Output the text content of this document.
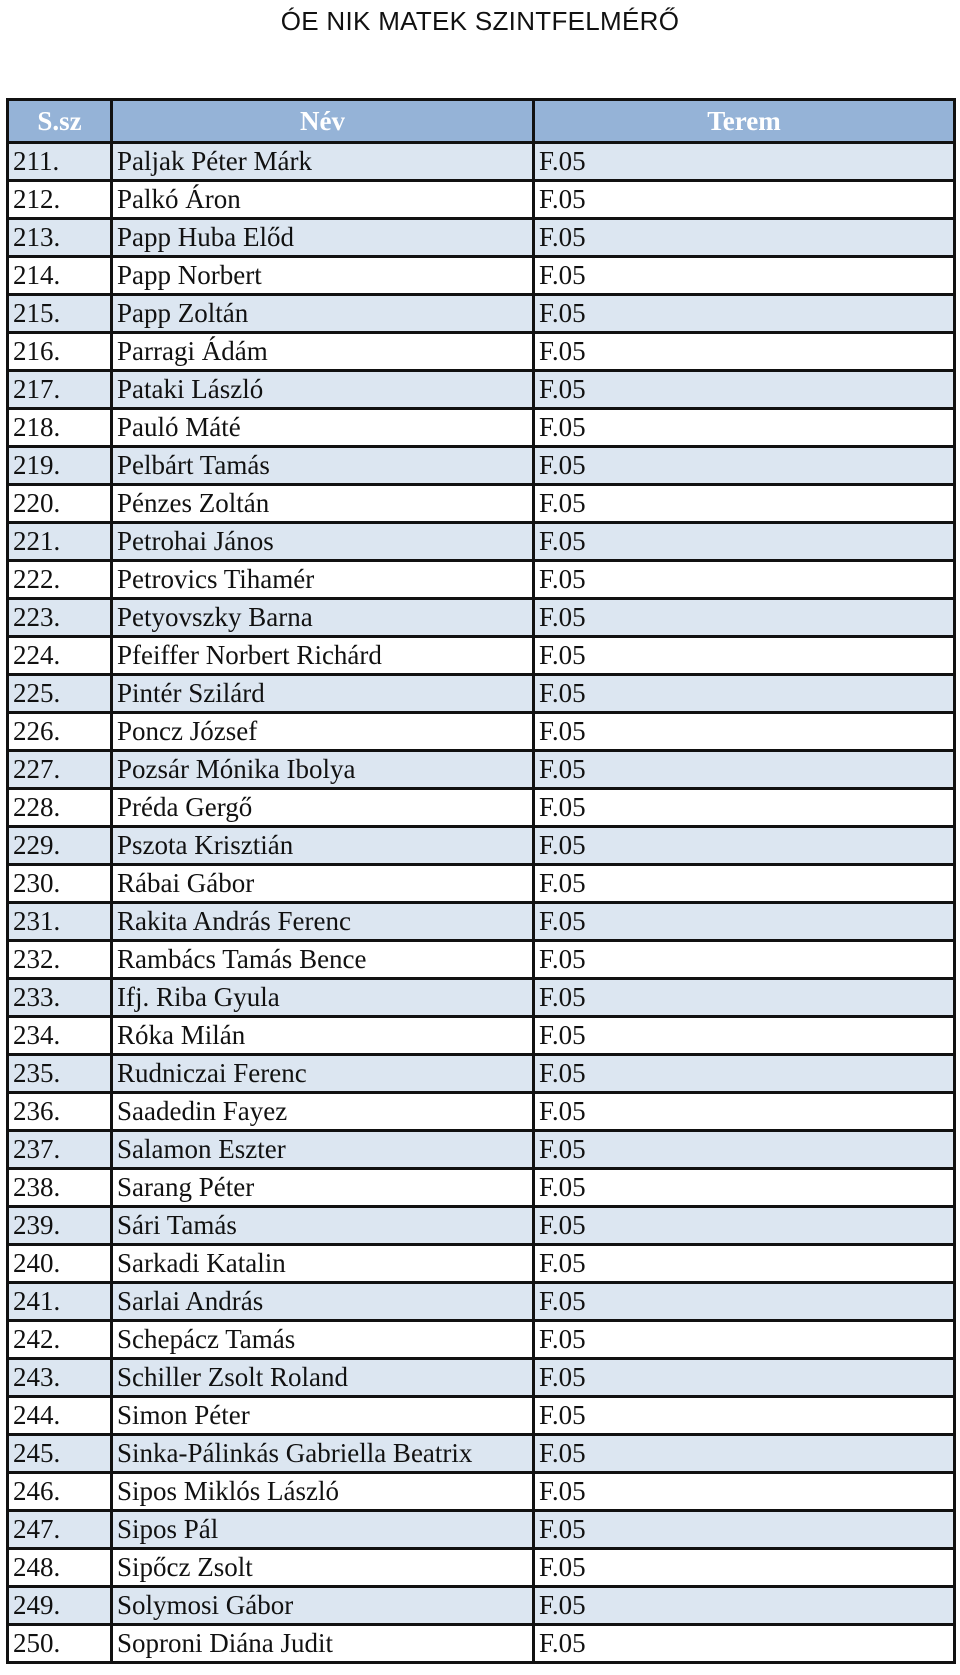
ÓE NIK MATEK SZINTFELMÉRŐ
S.sz	Név	Terem
211.	Paljak Péter Márk	F.05
212.	Palkó Áron	F.05
213.	Papp Huba Előd	F.05
214.	Papp Norbert	F.05
215.	Papp Zoltán	F.05
216.	Parragi Ádám	F.05
217.	Pataki László	F.05
218.	Pauló Máté	F.05
219.	Pelbárt Tamás	F.05
220.	Pénzes Zoltán	F.05
221.	Petrohai János	F.05
222.	Petrovics Tihamér	F.05
223.	Petyovszky Barna	F.05
224.	Pfeiffer Norbert Richárd	F.05
225.	Pintér Szilárd	F.05
226.	Poncz József	F.05
227.	Pozsár Mónika Ibolya	F.05
228.	Préda Gergő	F.05
229.	Pszota Krisztián	F.05
230.	Rábai Gábor	F.05
231.	Rakita András Ferenc	F.05
232.	Rambács Tamás Bence	F.05
233.	Ifj. Riba Gyula	F.05
234.	Róka Milán	F.05
235.	Rudniczai Ferenc	F.05
236.	Saadedin Fayez	F.05
237.	Salamon Eszter	F.05
238.	Sarang Péter	F.05
239.	Sári Tamás	F.05
240.	Sarkadi Katalin	F.05
241.	Sarlai András	F.05
242.	Schepácz Tamás	F.05
243.	Schiller Zsolt Roland	F.05
244.	Simon Péter	F.05
245.	Sinka-Pálinkás Gabriella Beatrix	F.05
246.	Sipos Miklós László	F.05
247.	Sipos Pál	F.05
248.	Sipőcz Zsolt	F.05
249.	Solymosi Gábor	F.05
250.	Soproni Diána Judit	F.05
